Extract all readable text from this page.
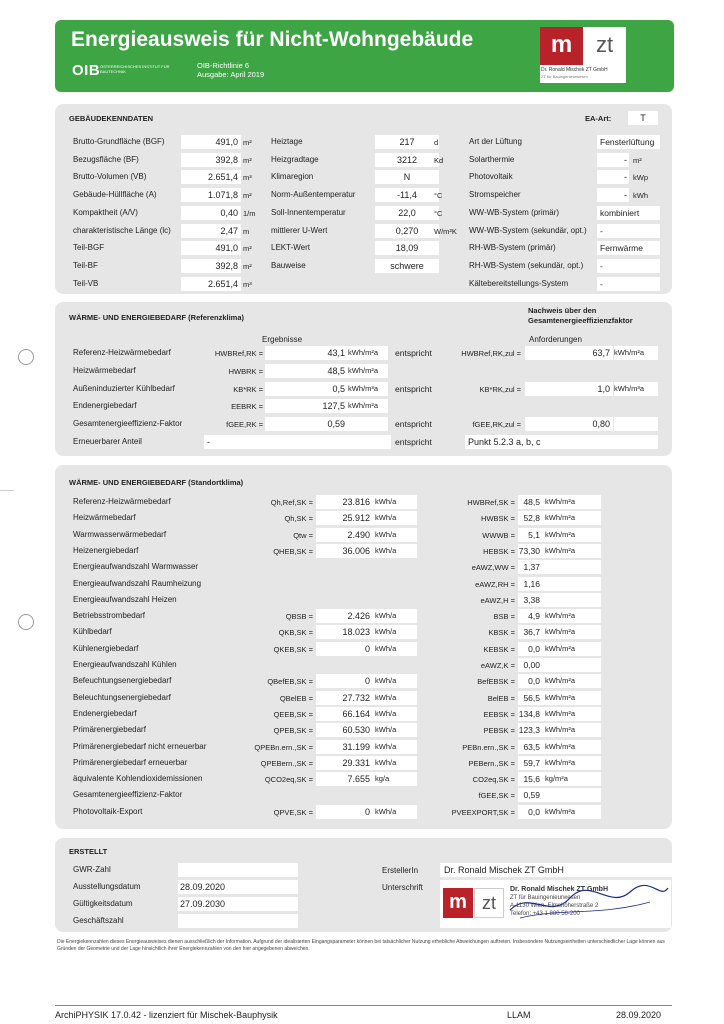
Energieausweis für Nicht-Wohngebäude
OIB ÖSTERREICHISCHES INSTITUT FÜR BAUTECHNIK
OIB-Richtlinie 6
Ausgabe: April 2019
m	zt
Dr. Ronald Mischek ZT GmbH
ZT für Bauingenieurwesen
GEBÄUDEKENNDATEN	EA-Art:	T
Brutto-Grundfläche (BGF)	491,0 m²
Bezugsfläche (BF)	392,8 m²
Brutto-Volumen (VB)	2.651,4 m³
Gebäude-Hüllfläche (A)	1.071,8 m²
Kompaktheit (A/V)	0,40 1/m
charakteristische Länge (lc)	2,47 m
Teil-BGF	491,0 m²
Teil-BF	392,8 m²
Teil-VB	2.651,4 m³
Heiztage	217	d
Heizgradtage	3212	Kd
Klimaregion	N
Norm-Außentemperatur	-11,4	°C
Soll-Innentemperatur	22,0	°C
mittlerer U-Wert	0,270	W/m²K
LEKT-Wert	18,09
Bauweise	schwere
Art der Lüftung	Fensterlüftung
Solarthermie	- m²
Photovoltaik	- kWp
Stromspeicher	- kWh
WW-WB-System (primär)	kombiniert
WW-WB-System (sekundär, opt.)	-
RH-WB-System (primär)	Fernwärme
RH-WB-System (sekundär, opt.)	-
Kältebereitstellungs-System	-
WÄRME- UND ENERGIEBEDARF (Referenzklima)
Nachweis über den
Gesamtenergieeffizienzfaktor
Ergebnisse	Anforderungen
Referenz-Heizwärmebedarf	HWBRef,RK =	43,1 kWh/m²a	entspricht	HWBRef,RK,zul =	63,7 kWh/m²a
Heizwärmebedarf	HWBRK =	48,5 kWh/m²a
Außeninduzierter Kühlbedarf	KB*RK =	0,5 kWh/m³a	entspricht	KB*RK,zul =	1,0 kWh/m³a
Endenergiebedarf	EEBRK =	127,5 kWh/m²a
Gesamtenergieeffizienz-Faktor	fGEE,RK =	0,59	entspricht	fGEE,RK,zul =	0,80
Erneuerbarer Anteil	-	entspricht	Punkt 5.2.3 a, b, c
WÄRME- UND ENERGIEBEDARF (Standortklima)
Referenz-Heizwärmebedarf	Qh,Ref,SK =	23.816 kWh/a	HWBRef,SK = 48,5 kWh/m²a
Heizwärmebedarf	Qh,SK =	25.912 kWh/a	HWBSK = 52,8 kWh/m²a
Warmwasserwärmebedarf	Qtw =	2.490 kWh/a	WWWB =	5,1 kWh/m²a
Heizenergiebedarf	QHEB,SK =	36.006 kWh/a	HEBSK = 73,30 kWh/m²a
Energieaufwandszahl Warmwasser	eAWZ,WW = 1,37
Energieaufwandszahl Raumheizung	eAWZ,RH = 1,16
Energieaufwandszahl Heizen	eAWZ,H = 3,38
Betriebsstrombedarf	QBSB =	2.426 kWh/a	BSB =	4,9 kWh/m²a
Kühlbedarf	QKB,SK =	18.023 kWh/a	KBSK = 36,7 kWh/m²a
Kühlenergiebedarf	QKEB,SK =	0 kWh/a	KEBSK =	0,0 kWh/m²a
Energieaufwandszahl Kühlen	eAWZ,K = 0,00
Befeuchtungsenergiebedarf	QBefEB,SK =	0 kWh/a	BefEBSK =	0,0 kWh/m²a
Beleuchtungsenergiebedarf	QBelEB =	27.732 kWh/a	BelEB = 56,5 kWh/m²a
Endenergiebedarf	QEEB,SK =	66.164 kWh/a	EEBSK = 134,8 kWh/m²a
Primärenergiebedarf	QPEB,SK =	60.530 kWh/a	PEBSK = 123,3 kWh/m²a
Primärenergiebedarf nicht erneuerbar	QPEBn.ern.,SK =	31.199 kWh/a	PEBn.ern.,SK = 63,5 kWh/m²a
Primärenergiebedarf erneuerbar	QPEBern.,SK =	29.331 kWh/a	PEBern.,SK = 59,7 kWh/m²a
äquivalente Kohlendioxidemissionen	QCO2eq,SK =	7.655 kg/a	CO2eq,SK = 15,6 kg/m²a
Gesamtenergieeffizienz-Faktor	fGEE,SK = 0,59
Photovoltaik-Export	QPVE,SK =	0 kWh/a	PVEEXPORT,SK =	0,0 kWh/m²a
ERSTELLT
ErstellerIn	Dr. Ronald Mischek ZT GmbH
Unterschrift
m zt
Dr. Ronald Mischek ZT GmbH
ZT für Bauingenieurwesen
A-1130 Wien, Elmshöherstraße 2
Telefon: +43 1 880 56-200
GWR-Zahl
Ausstellungsdatum	28.09.2020
Gültigkeitsdatum	27.09.2030
Geschäftszahl
Die Energiekennzahlen dieses Energieausweises dienen ausschließlich der Information. Aufgrund der idealisierten Eingangsparameter können bei tatsächlicher Nutzung erhebliche Abweichungen auftreten. Insbesondere Nutzungseinheiten unterschiedlicher Lage können aus Gründen der Geometrie und der Lage hinsichtlich ihrer Energiekennzahlen von den hier angegebenen abweichen.
ArchiPHYSIK 17.0.42 - lizenziert für Mischek-Bauphysik	LLAM	28.09.2020
